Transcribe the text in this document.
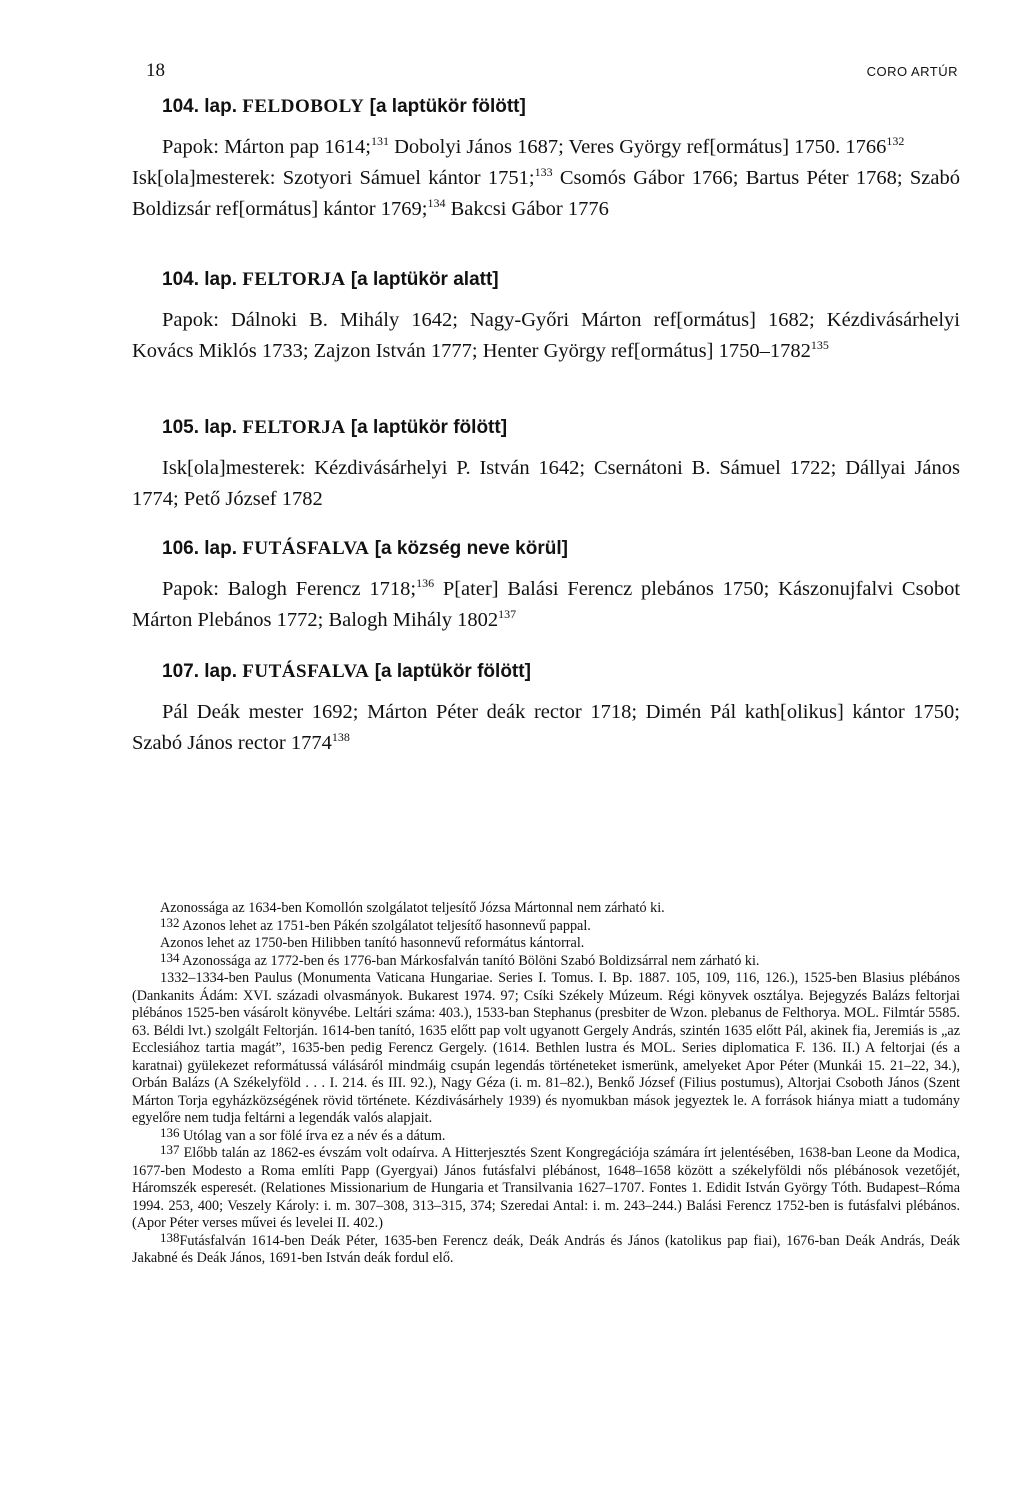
18	CORO ARTÚR
104. lap. FELDOBOLY [a laptükör fölött]
Papok: Márton pap 1614;$^{131}$ Dobolyi János 1687; Veres György ref[ormátus] 1750. 1766$^{132}$
Isk[ola]mesterek: Szotyori Sámuel kántor 1751;$^{133}$ Csomós Gábor 1766; Bartus Péter 1768; Szabó Boldizsár ref[ormátus] kántor 1769;$^{134}$ Bakcsi Gábor 1776
104. lap. FELTORJA [a laptükör alatt]
Papok: Dálnoki B. Mihály 1642; Nagy-Győri Márton ref[ormátus] 1682; Kézdivásárhelyi Kovács Miklós 1733; Zajzon István 1777; Henter György ref[ormátus] 1750–1782$^{135}$
105. lap. FELTORJA [a laptükör fölött]
Isk[ola]mesterek: Kézdivásárhelyi P. István 1642; Csernátoni B. Sámuel 1722; Dállyai János 1774; Pető József 1782
106. lap. FUTÁSFALVA [a község neve körül]
Papok: Balogh Ferencz 1718;$^{136}$ P[ater] Balási Ferencz plebános 1750; Kászonujfalvi Csobot Márton Plebános 1772; Balogh Mihály 1802$^{137}$
107. lap. FUTÁSFALVA [a laptükör fölött]
Pál Deák mester 1692; Márton Péter deák rector 1718; Dimén Pál kath[olikus] kántor 1750; Szabó János rector 1774$^{138}$

Azonossága az 1634-ben Komollón szolgálatot teljesítő Józsa Mártonnal nem zárható ki.

$^{132}$ Azonos lehet az 1751-ben Pákén szolgálatot teljesítő hasonnevű pappal.

Azonos lehet az 1750-ben Hilibben tanító hasonnevű református kántorral.

$^{134}$ Azonossága az 1772-ben és 1776-ban Márkosfalván tanító Bölöni Szabó Boldizsárral nem zárható ki.

1332–1334-ben Paulus (Monumenta Vaticana Hungariae. Series I. Tomus. I. Bp. 1887. 105, 109, 116, 126.), 1525-ben Blasius plébános (Dankanits Ádám: XVI. századi olvasmányok. Bukarest 1974. 97; Csíki Székely Múzeum. Régi könyvek osztálya. Bejegyzés Balázs feltorjai plébános 1525-ben vásárolt könyvébe. Leltári száma: 403.), 1533-ban Stephanus (presbiter de Wzon. plebanus de Felthorya. MOL. Filmtár 5585. 63. Béldi lvt.) szolgált Feltorján. 1614-ben tanító, 1635 előtt pap volt ugyanott Gergely András, szintén 1635 előtt Pál, akinek fia, Jeremiás is „az Ecclesiához tartia magát”, 1635-ben pedig Ferencz Gergely. (1614. Bethlen lustra és MOL. Series diplomatica F. 136. II.) A feltorjai (és a karatnai) gyülekezet reformátussá válásáról mindmáig csupán legendás történeteket ismerünk, amelyeket Apor Péter (Munkái 15. 21–22, 34.), Orbán Balázs (A Székelyföld . . . I. 214. és III. 92.), Nagy Géza (i. m. 81–82.), Benkő József (Filius postumus), Altorjai Csoboth János (Szent Márton Torja egyházközségének rövid története. Kézdivásárhely 1939) és nyomukban mások jegyeztek le. A források hiánya miatt a tudomány egyelőre nem tudja feltárni a legendák valós alapjait.

$^{136}$ Utólag van a sor fölé írva ez a név és a dátum.

$^{137}$ Előbb talán az 1862-es évszám volt odaírva. A Hitterjesztés Szent Kongregációja számára írt jelentésében, 1638-ban Leone da Modica, 1677-ben Modesto a Roma említi Papp (Gyergyai) János futásfalvi plébánost, 1648–1658 között a székelyföldi nős plébánosok vezetőjét, Háromszék esperesét. (Relationes Missionarium de Hungaria et Transilvania 1627–1707. Fontes 1. Edidit István György Tóth. Budapest–Róma 1994. 253, 400; Veszely Károly: i. m. 307–308, 313–315, 374; Szeredai Antal: i. m. 243–244.) Balási Ferencz 1752-ben is futásfalvi plébános. (Apor Péter verses művei és levelei II. 402.)

$^{138}$Futásfalván 1614-ben Deák Péter, 1635-ben Ferencz deák, Deák András és János (katolikus pap fiai), 1676-ban Deák András, Deák Jakabné és Deák János, 1691-ben István deák fordul elő.
